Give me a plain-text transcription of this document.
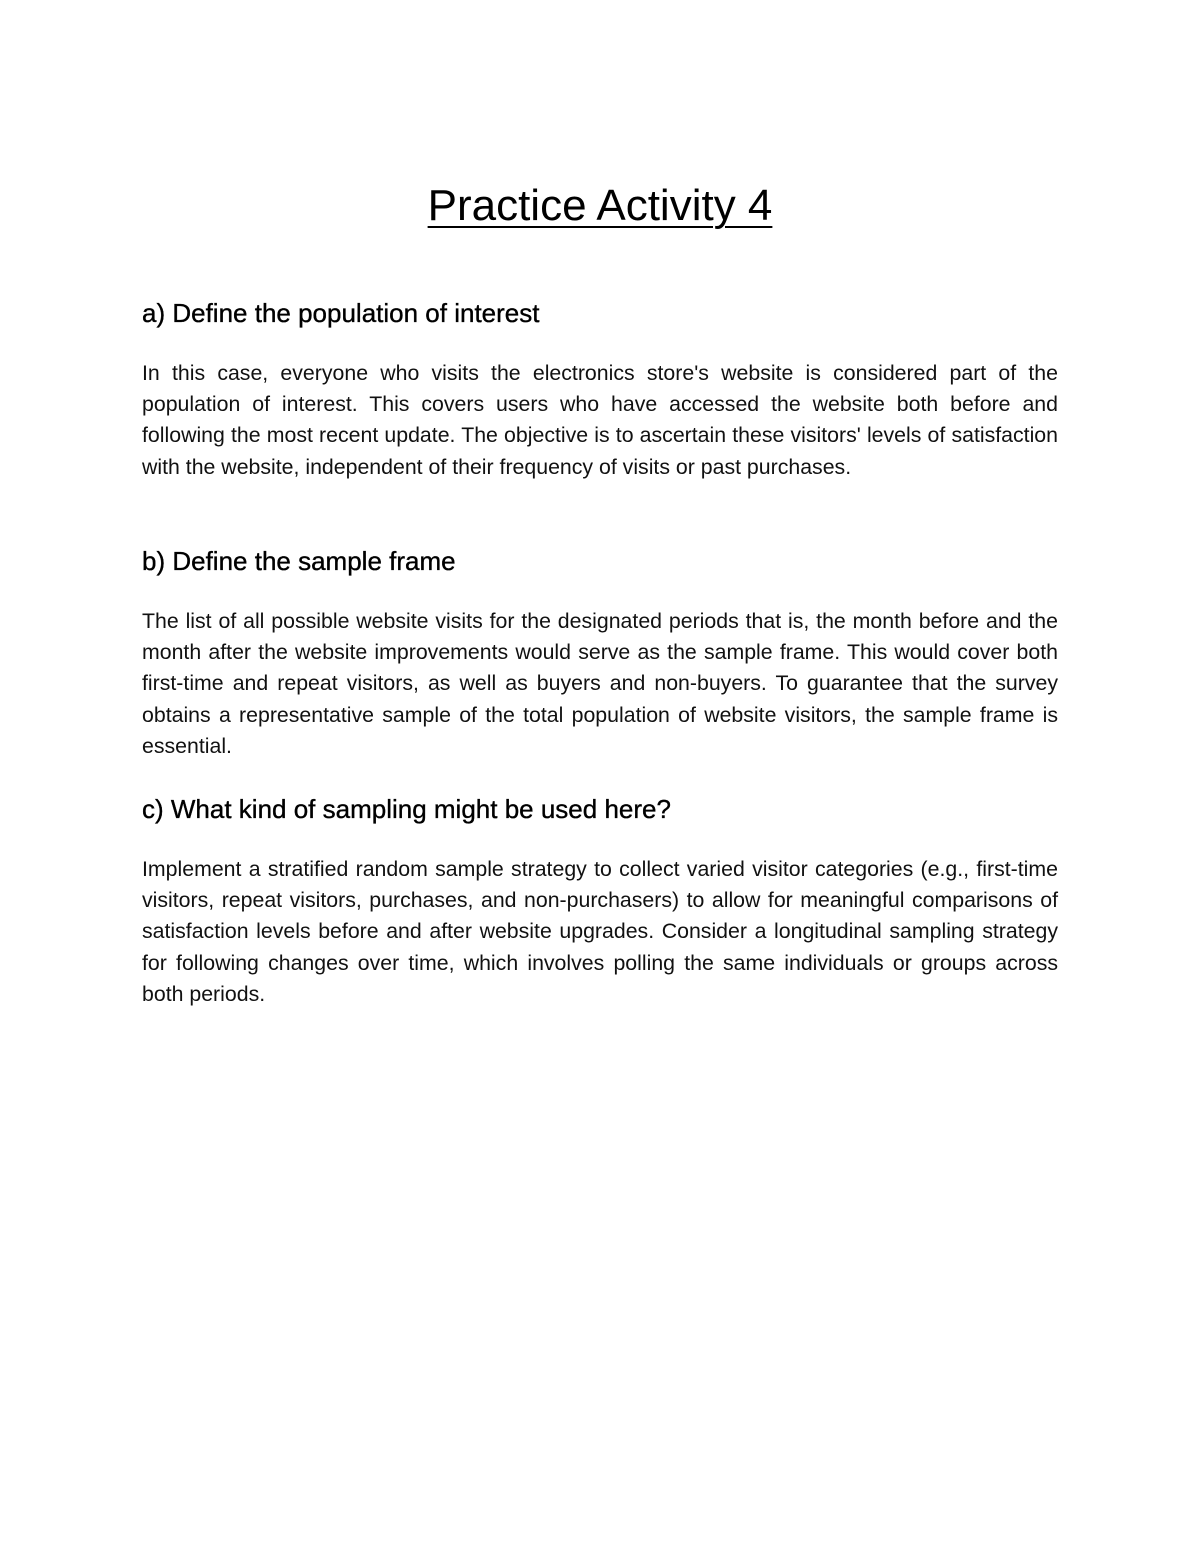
Practice Activity 4
a) Define the population of interest

In this case, everyone who visits the electronics store's website is considered part of the population of interest. This covers users who have accessed the website both before and following the most recent update. The objective is to ascertain these visitors' levels of satisfaction with the website, independent of their frequency of visits or past purchases.

b) Define the sample frame

The list of all possible website visits for the designated periods that is, the month before and the month after the website improvements would serve as the sample frame. This would cover both first-time and repeat visitors, as well as buyers and non-buyers. To guarantee that the survey obtains a representative sample of the total population of website visitors, the sample frame is essential.

c) What kind of sampling might be used here?

Implement a stratified random sample strategy to collect varied visitor categories (e.g., first-time visitors, repeat visitors, purchases, and non-purchasers) to allow for meaningful comparisons of satisfaction levels before and after website upgrades. Consider a longitudinal sampling strategy for following changes over time, which involves polling the same individuals or groups across both periods.
